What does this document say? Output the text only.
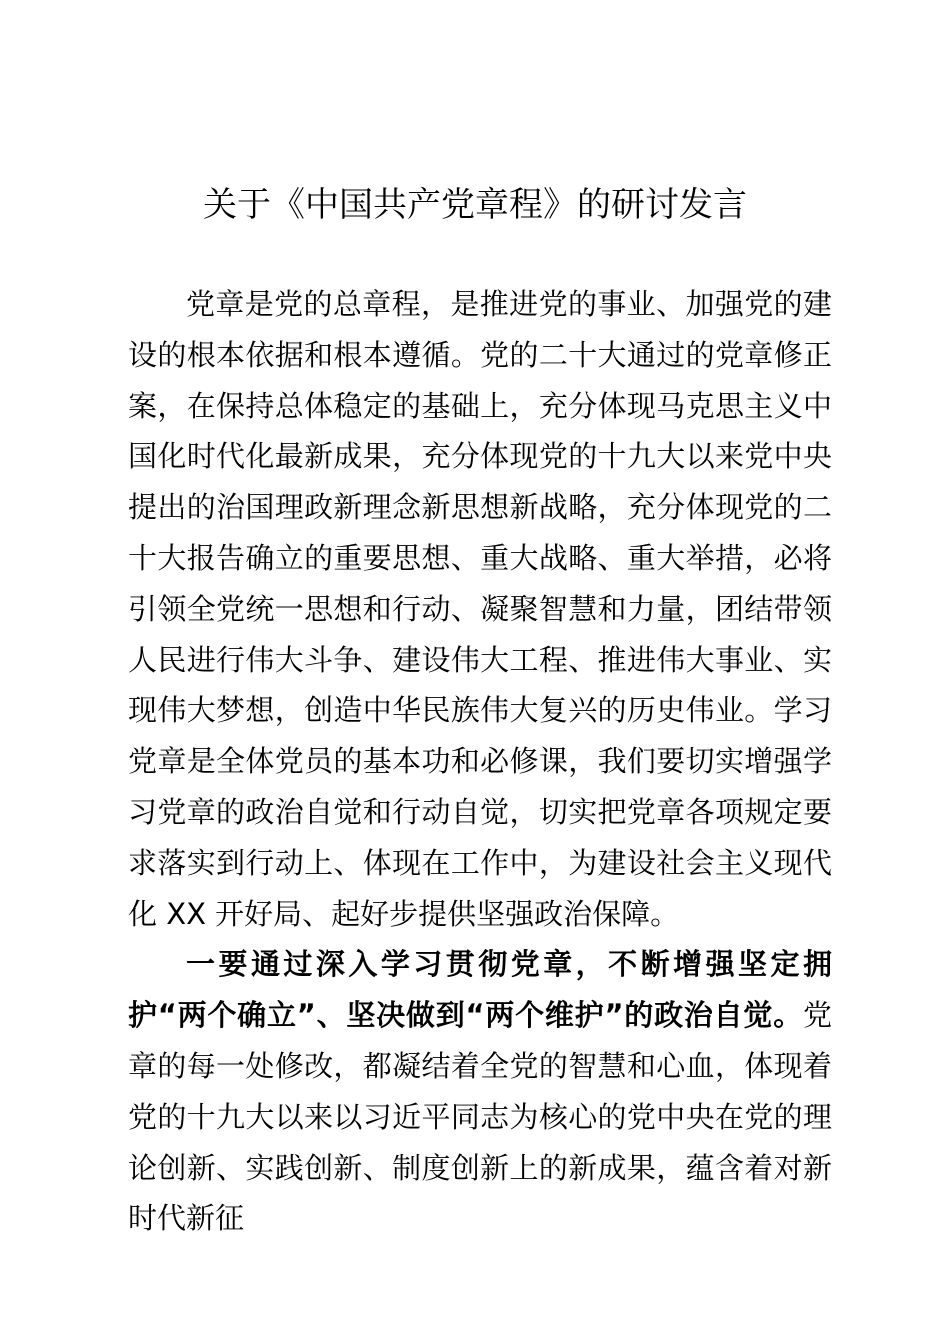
关于《中国共产党章程》的研讨发言

党章是党的总章程，是推进党的事业、加强党的建设的根本依据和根本遵循。党的二十大通过的党章修正案，在保持总体稳定的基础上，充分体现马克思主义中国化时代化最新成果，充分体现党的十九大以来党中央提出的治国理政新理念新思想新战略，充分体现党的二十大报告确立的重要思想、重大战略、重大举措，必将引领全党统一思想和行动、凝聚智慧和力量，团结带领人民进行伟大斗争、建设伟大工程、推进伟大事业、实现伟大梦想，创造中华民族伟大复兴的历史伟业。学习党章是全体党员的基本功和必修课，我们要切实增强学习党章的政治自觉和行动自觉，切实把党章各项规定要求落实到行动上、体现在工作中，为建设社会主义现代化 XX 开好局、起好步提供坚强政治保障。

一要通过深入学习贯彻党章，不断增强坚定拥护“两个确立”、坚决做到“两个维护”的政治自觉。党章的每一处修改，都凝结着全党的智慧和心血，体现着党的十九大以来以习近平同志为核心的党中央在党的理论创新、实践创新、制度创新上的新成果，蕴含着对新时代新征
